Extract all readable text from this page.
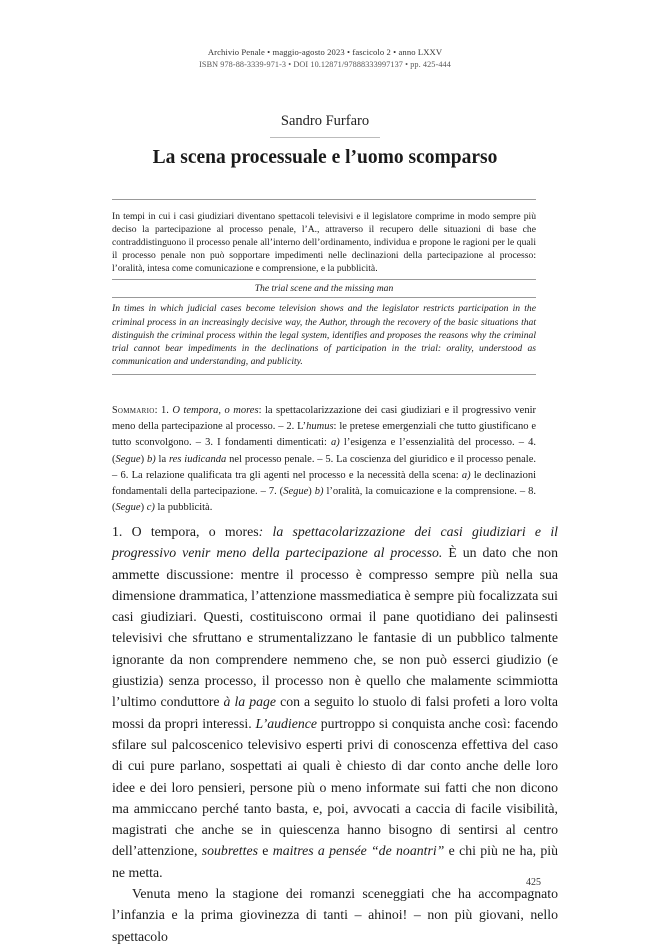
Archivio Penale • maggio-agosto 2023 • fascicolo 2 • anno LXXV
ISBN 978-88-3339-971-3 • DOI 10.12871/97888333997137 • pp. 425-444
Sandro Furfaro
La scena processuale e l’uomo scomparso

In tempi in cui i casi giudiziari diventano spettacoli televisivi e il legislatore comprime in modo sempre più deciso la partecipazione al processo penale, l’A., attraverso il recupero delle situazioni di base che contraddistinguono il processo penale all’interno dell’ordinamento, individua e propone le ragioni per le quali il processo penale non può sopportare impedimenti nelle declinazioni della partecipazione al processo: l’oralità, intesa come comunicazione e comprensione, e la pubblicità.

The trial scene and the missing man

In times in which judicial cases become television shows and the legislator restricts participation in the criminal process in an increasingly decisive way, the Author, through the recovery of the basic situations that distinguish the criminal process within the legal system, identifies and proposes the reasons why the criminal trial cannot bear impediments in the declinations of participation in the trial: orality, understood as communication and understanding, and publicity.

Sommario: 1. O tempora, o mores: la spettacolarizzazione dei casi giudiziari e il progressivo venir meno della partecipazione al processo. – 2. L’humus: le pretese emergenziali che tutto giustificano e tutto sconvolgono. – 3. I fondamenti dimenticati: a) l’esigenza e l’essenzialità del processo. – 4. (Segue) b) la res iudicanda nel processo penale. – 5. La coscienza del giuridico e il processo penale. – 6. La relazione qualificata tra gli agenti nel processo e la necessità della scena: a) le declinazioni fondamentali della partecipazione. – 7. (Segue) b) l’oralità, la comuicazione e la comprensione. – 8. (Segue) c) la pubblicità.

1. O tempora, o mores: la spettacolarizzazione dei casi giudiziari e il progressivo venir meno della partecipazione al processo. È un dato che non ammette discussione: mentre il processo è compresso sempre più nella sua dimensione drammatica, l’attenzione massmediatica è sempre più focalizzata sui casi giudiziari. Questi, costituiscono ormai il pane quotidiano dei palinsesti televisivi che sfruttano e strumentalizzano le fantasie di un pubblico talmente ignorante da non comprendere nemmeno che, se non può esserci giudizio (e giustizia) senza processo, il processo non è quello che malamente scimmiotta l’ultimo conduttore à la page con a seguito lo stuolo di falsi profeti a loro volta mossi da propri interessi. L’audience purtroppo si conquista anche così: facendo sfilare sul palcoscenico televisivo esperti privi di conoscenza effettiva del caso di cui pure parlano, sospettati ai quali è chiesto di dar conto anche delle loro idee e dei loro pensieri, persone più o meno informate sui fatti che non dicono ma ammiccano perché tanto basta, e, poi, avvocati a caccia di facile visibilità, magistrati che anche se in quiescenza hanno bisogno di sentirsi al centro dell’attenzione, soubrettes e maitres a pensée “de noantri” e chi più ne ha, più ne metta.

Venuta meno la stagione dei romanzi sceneggiati che ha accompagnato l’infanzia e la prima giovinezza di tanti – ahinoi! – non più giovani, nello spettacolo

425
